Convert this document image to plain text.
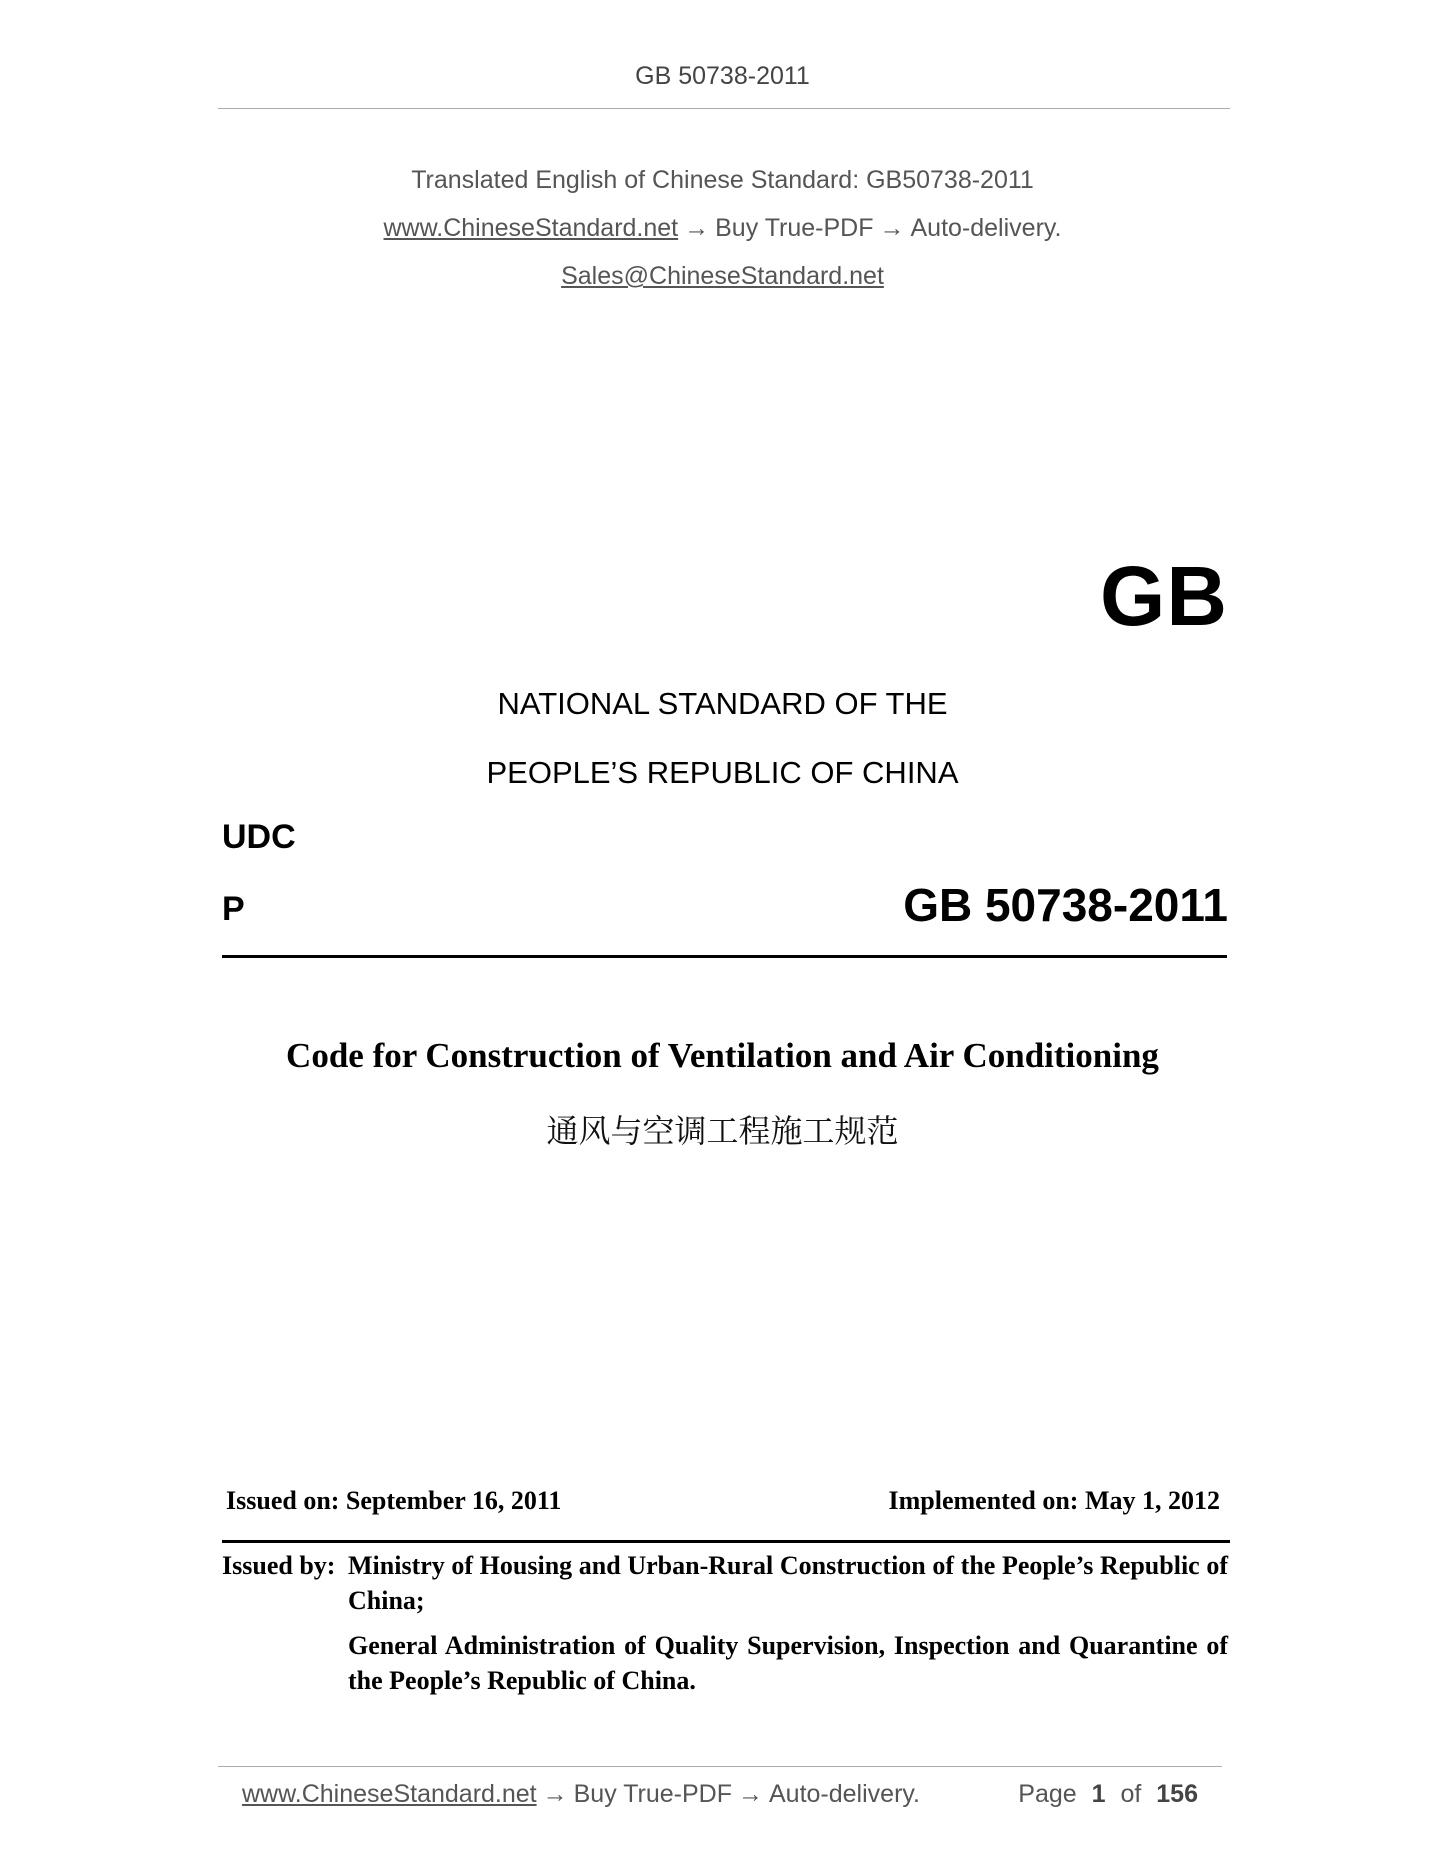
GB 50738-2011
Translated English of Chinese Standard: GB50738-2011
www.ChineseStandard.net → Buy True-PDF → Auto-delivery.
Sales@ChineseStandard.net
GB
NATIONAL STANDARD OF THE
PEOPLE’S REPUBLIC OF CHINA
UDC
P	GB 50738-2011
Code for Construction of Ventilation and Air Conditioning
通风与空调工程施工规范
Issued on: September 16, 2011	Implemented on: May 1, 2012
Issued by: Ministry of Housing and Urban-Rural Construction of the People’s Republic of China;
General Administration of Quality Supervision, Inspection and Quarantine of the People’s Republic of China.
www.ChineseStandard.net → Buy True-PDF → Auto-delivery.	Page 1 of 156
